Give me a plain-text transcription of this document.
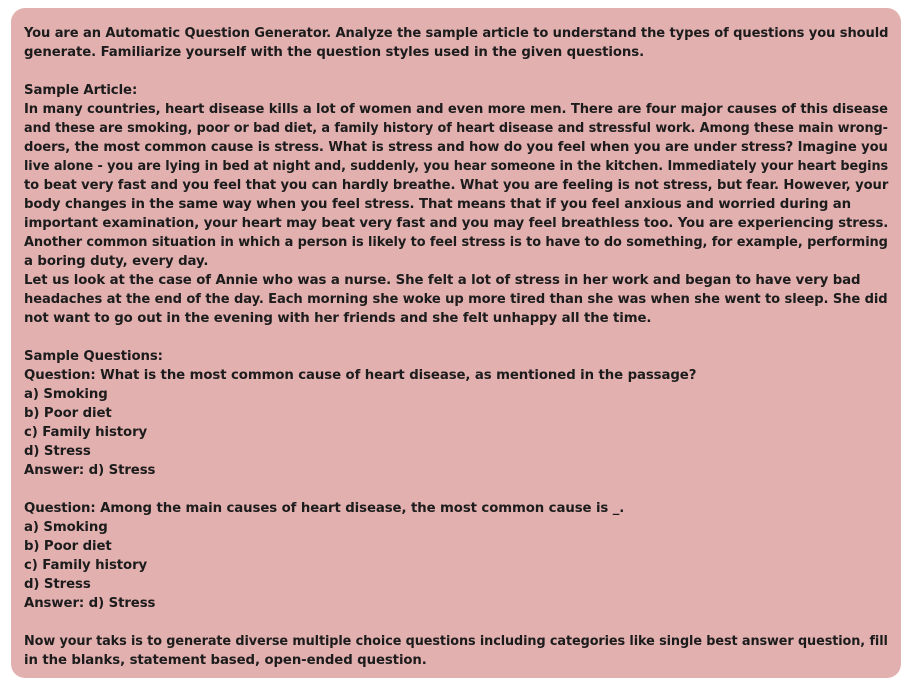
You are an Automatic Question Generator. Analyze the sample article to understand the types of questions you should
generate. Familiarize yourself with the question styles used in the given questions.
Sample Article:
In many countries, heart disease kills a lot of women and even more men. There are four major causes of this disease
and these are smoking, poor or bad diet, a family history of heart disease and stressful work. Among these main wrong-
doers, the most common cause is stress. What is stress and how do you feel when you are under stress? Imagine you
live alone - you are lying in bed at night and, suddenly, you hear someone in the kitchen. Immediately your heart begins
to beat very fast and you feel that you can hardly breathe. What you are feeling is not stress, but fear. However, your
body changes in the same way when you feel stress. That means that if you feel anxious and worried during an
important examination, your heart may beat very fast and you may feel breathless too. You are experiencing stress.
Another common situation in which a person is likely to feel stress is to have to do something, for example, performing
a boring duty, every day.
Let us look at the case of Annie who was a nurse. She felt a lot of stress in her work and began to have very bad
headaches at the end of the day. Each morning she woke up more tired than she was when she went to sleep. She did
not want to go out in the evening with her friends and she felt unhappy all the time.
Sample Questions:
Question: What is the most common cause of heart disease, as mentioned in the passage?
a) Smoking
b) Poor diet
c) Family history
d) Stress
Answer: d) Stress
Question: Among the main causes of heart disease, the most common cause is _.
a) Smoking
b) Poor diet
c) Family history
d) Stress
Answer: d) Stress
Now your taks is to generate diverse multiple choice questions including categories like single best answer question, fill
in the blanks, statement based, open-ended question.
